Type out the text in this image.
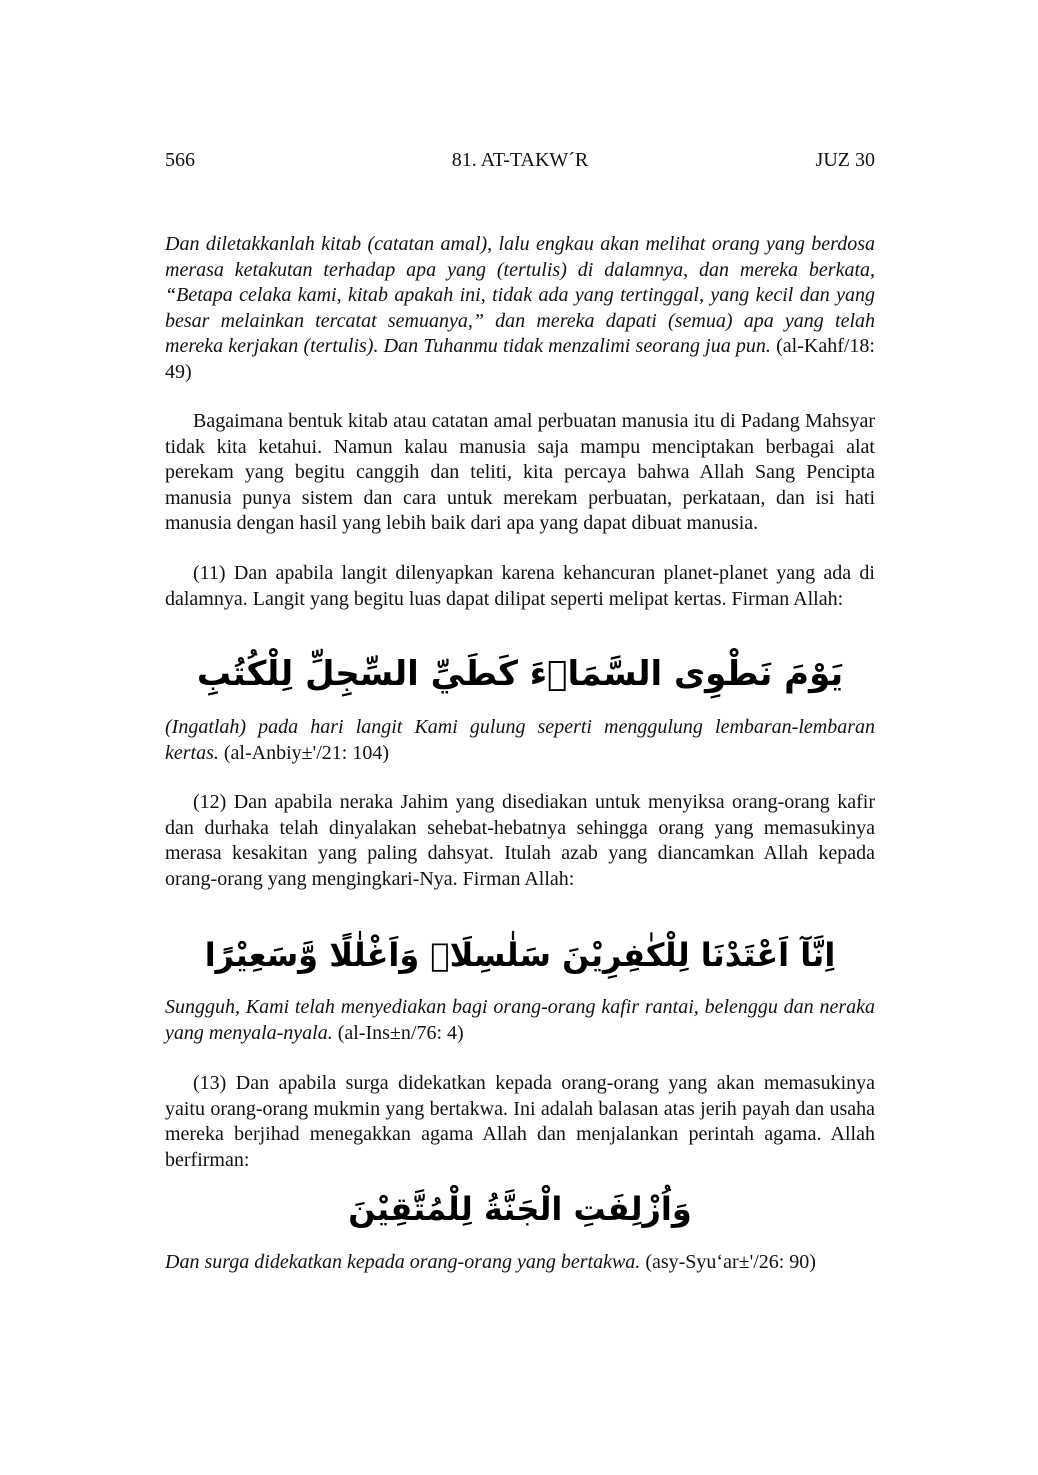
566	81. AT-TAKW´R	JUZ 30

Dan diletakkanlah kitab (catatan amal), lalu engkau akan melihat orang yang berdosa merasa ketakutan terhadap apa yang (tertulis) di dalamnya, dan mereka berkata, “Betapa celaka kami, kitab apakah ini, tidak ada yang tertinggal, yang kecil dan yang besar melainkan tercatat semuanya,” dan mereka dapati (semua) apa yang telah mereka kerjakan (tertulis). Dan Tuhanmu tidak menzalimi seorang jua pun. (al-Kahf/18: 49)

Bagaimana bentuk kitab atau catatan amal perbuatan manusia itu di Padang Mahsyar tidak kita ketahui. Namun kalau manusia saja mampu menciptakan berbagai alat perekam yang begitu canggih dan teliti, kita percaya bahwa Allah Sang Pencipta manusia punya sistem dan cara untuk merekam perbuatan, perkataan, dan isi hati manusia dengan hasil yang lebih baik dari apa yang dapat dibuat manusia.

(11) Dan apabila langit dilenyapkan karena kehancuran planet-planet yang ada di dalamnya. Langit yang begitu luas dapat dilipat seperti melipat kertas. Firman Allah:

يَوْمَ نَطْوِى السَّمَاۤءَ كَطَيِّ السِّجِلِّ لِلْكُتُبِ

(Ingatlah) pada hari langit Kami gulung seperti menggulung lembaran-lembaran kertas. (al-Anbiy±'/21: 104)

(12) Dan apabila neraka Jahim yang disediakan untuk menyiksa orang-orang kafir dan durhaka telah dinyalakan sehebat-hebatnya sehingga orang yang memasukinya merasa kesakitan yang paling dahsyat. Itulah azab yang diancamkan Allah kepada orang-orang yang mengingkari-Nya. Firman Allah:

اِنَّآ اَعْتَدْنَا لِلْكٰفِرِيْنَ سَلٰسِلَا۟ وَاَغْلٰلًا وَّسَعِيْرًا

Sungguh, Kami telah menyediakan bagi orang-orang kafir rantai, belenggu dan neraka yang menyala-nyala. (al-Ins±n/76: 4)

(13) Dan apabila surga didekatkan kepada orang-orang yang akan memasukinya yaitu orang-orang mukmin yang bertakwa. Ini adalah balasan atas jerih payah dan usaha mereka berjihad menegakkan agama Allah dan menjalankan perintah agama. Allah berfirman:

وَاُزْلِفَتِ الْجَنَّةُ لِلْمُتَّقِيْنَ

Dan surga didekatkan kepada orang-orang yang bertakwa. (asy-Syu‘ar±'/26: 90)
